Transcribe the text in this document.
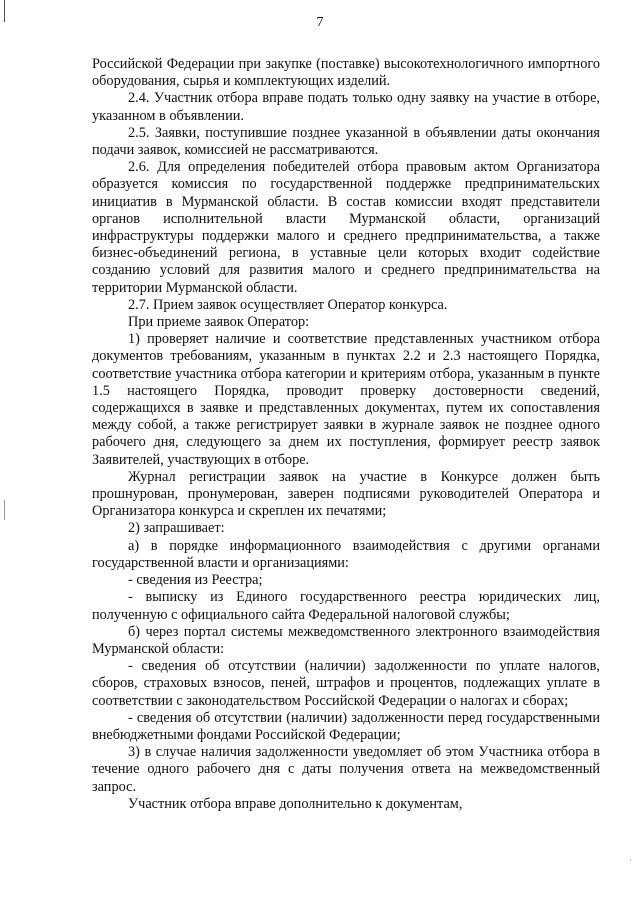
7

Российской Федерации при закупке (поставке) высокотехнологичного импортного оборудования, сырья и комплектующих изделий.

2.4. Участник отбора вправе подать только одну заявку на участие в отборе, указанном в объявлении.

2.5. Заявки, поступившие позднее указанной в объявлении даты окончания подачи заявок, комиссией не рассматриваются.

2.6. Для определения победителей отбора правовым актом Организатора образуется комиссия по государственной поддержке предпринимательских инициатив в Мурманской области. В состав комиссии входят представители органов исполнительной власти Мурманской области, организаций инфраструктуры поддержки малого и среднего предпринимательства, а также бизнес-объединений региона, в уставные цели которых входит содействие созданию условий для развития малого и среднего предпринимательства на территории Мурманской области.

2.7. Прием заявок осуществляет Оператор конкурса.

При приеме заявок Оператор:

1) проверяет наличие и соответствие представленных участником отбора документов требованиям, указанным в пунктах 2.2 и 2.3 настоящего Порядка, соответствие участника отбора категории и критериям отбора, указанным в пункте 1.5 настоящего Порядка, проводит проверку достоверности сведений, содержащихся в заявке и представленных документах, путем их сопоставления между собой, а также регистрирует заявки в журнале заявок не позднее одного рабочего дня, следующего за днем их поступления, формирует реестр заявок Заявителей, участвующих в отборе.

Журнал регистрации заявок на участие в Конкурсе должен быть прошнурован, пронумерован, заверен подписями руководителей Оператора и Организатора конкурса и скреплен их печатями;

2) запрашивает:

а) в порядке информационного взаимодействия с другими органами государственной власти и организациями:

- сведения из Реестра;

- выписку из Единого государственного реестра юридических лиц, полученную с официального сайта Федеральной налоговой службы;

б) через портал системы межведомственного электронного взаимодействия Мурманской области:

- сведения об отсутствии (наличии) задолженности по уплате налогов, сборов, страховых взносов, пеней, штрафов и процентов, подлежащих уплате в соответствии с законодательством Российской Федерации о налогах и сборах;

- сведения об отсутствии (наличии) задолженности перед государственными внебюджетными фондами Российской Федерации;

3) в случае наличия задолженности уведомляет об этом Участника отбора в течение одного рабочего дня с даты получения ответа на межведомственный запрос.

Участник отбора вправе дополнительно к документам,

·
